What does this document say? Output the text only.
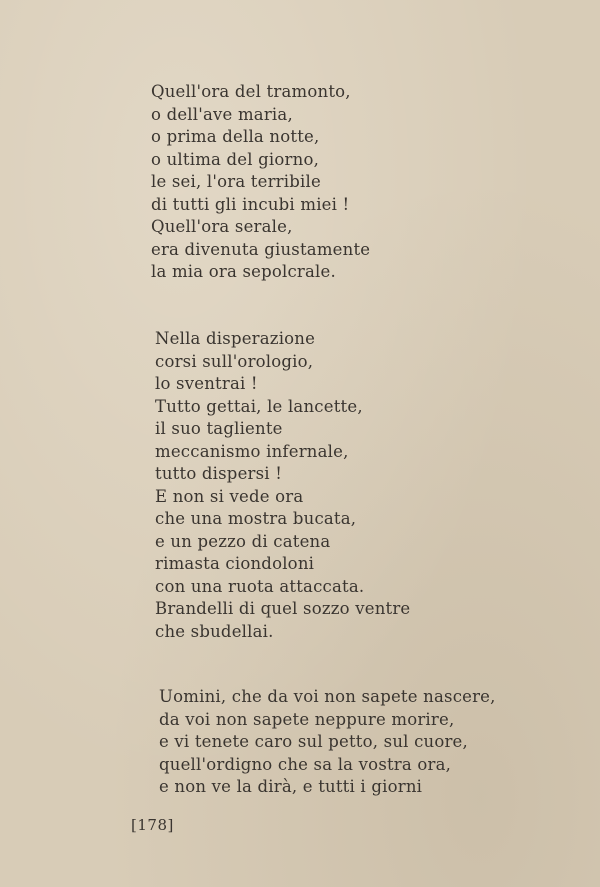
Quell'ora del tramonto,
o dell'ave maria,
o prima della notte,
o ultima del giorno,
le sei, l'ora terribile
di tutti gli incubi miei !
Quell'ora serale,
era divenuta giustamente
la mia ora sepolcrale.
Nella disperazione
corsi sull'orologio,
lo sventrai !
Tutto gettai, le lancette,
il suo tagliente
meccanismo infernale,
tutto dispersi !
E non si vede ora
che una mostra bucata,
e un pezzo di catena
rimasta ciondoloni
con una ruota attaccata.
Brandelli di quel sozzo ventre
che sbudellai.
Uomini, che da voi non sapete nascere,
da voi non sapete neppure morire,
e vi tenete caro sul petto, sul cuore,
quell'ordigno che sa la vostra ora,
e non ve la dirà, e tutti i giorni
[178]
